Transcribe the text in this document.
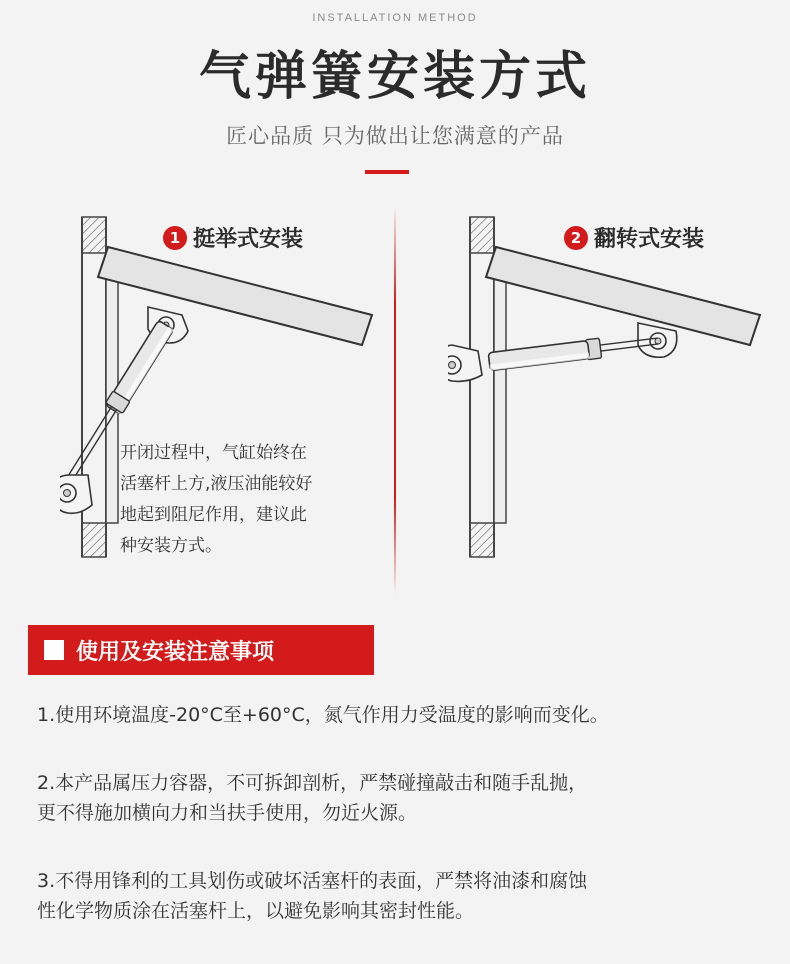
INSTALLATION METHOD
气弹簧安装方式
匠心品质 只为做出让您满意的产品
1 挺举式安装	2 翻转式安装
开闭过程中，气缸始终在
活塞杆上方,液压油能较好
地起到阻尼作用，建议此
种安装方式。
使用及安装注意事项
1.使用环境温度-20°C至+60°C，氮气作用力受温度的影响而变化。
2.本产品属压力容器，不可拆卸剖析，严禁碰撞敲击和随手乱抛，
更不得施加横向力和当扶手使用，勿近火源。
3.不得用锋利的工具划伤或破坏活塞杆的表面，严禁将油漆和腐蚀
性化学物质涂在活塞杆上，以避免影响其密封性能。
